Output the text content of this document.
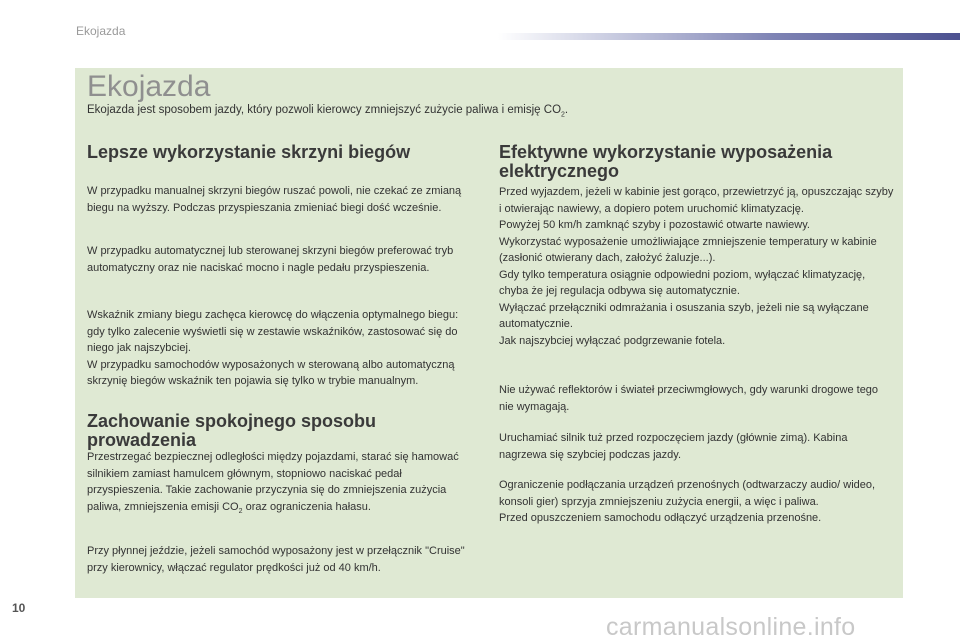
Ekojazda
Ekojazda
Ekojazda jest sposobem jazdy, który pozwoli kierowcy zmniejszyć zużycie paliwa i emisję $CO_2$.
Lepsze wykorzystanie skrzyni biegów

W przypadku manualnej skrzyni biegów ruszać powoli, nie czekać ze zmianą biegu na wyższy. Podczas przyspieszania zmieniać biegi dość wcześnie.

W przypadku automatycznej lub sterowanej skrzyni biegów preferować tryb automatyczny oraz nie naciskać mocno i nagle pedału przyspieszenia.

Wskaźnik zmiany biegu zachęca kierowcę do włączenia optymalnego biegu: gdy tylko zalecenie wyświetli się w zestawie wskaźników, zastosować się do niego jak najszybciej.

W przypadku samochodów wyposażonych w sterowaną albo automatyczną skrzynię biegów wskaźnik ten pojawia się tylko w trybie manualnym.

Zachowanie spokojnego sposobu prowadzenia

Przestrzegać bezpiecznej odległości między pojazdami, starać się hamować silnikiem zamiast hamulcem głównym, stopniowo naciskać pedał przyspieszenia. Takie zachowanie przyczynia się do zmniejszenia zużycia paliwa, zmniejszenia emisji $CO_2$ oraz ograniczenia hałasu.

Przy płynnej jeździe, jeżeli samochód wyposażony jest w przełącznik "Cruise" przy kierownicy, włączać regulator prędkości już od 40 km/h.

Efektywne wykorzystanie wyposażenia elektrycznego

Przed wyjazdem, jeżeli w kabinie jest gorąco, przewietrzyć ją, opuszczając szyby i otwierając nawiewy, a dopiero potem uruchomić klimatyzację.

Powyżej 50 km/h zamknąć szyby i pozostawić otwarte nawiewy.

Wykorzystać wyposażenie umożliwiające zmniejszenie temperatury w kabinie (zasłonić otwierany dach, założyć żaluzje...).

Gdy tylko temperatura osiągnie odpowiedni poziom, wyłączać klimatyzację, chyba że jej regulacja odbywa się automatycznie.

Wyłączać przełączniki odmrażania i osuszania szyb, jeżeli nie są wyłączane automatycznie.

Jak najszybciej wyłączać podgrzewanie fotela.

Nie używać reflektorów i świateł przeciwmgłowych, gdy warunki drogowe tego nie wymagają.

Uruchamiać silnik tuż przed rozpoczęciem jazdy (głównie zimą). Kabina nagrzewa się szybciej podczas jazdy.

Ograniczenie podłączania urządzeń przenośnych (odtwarzaczy audio/ wideo, konsoli gier) sprzyja zmniejszeniu zużycia energii, a więc i paliwa.

Przed opuszczeniem samochodu odłączyć urządzenia przenośne.

10
carmanualsonline.info
